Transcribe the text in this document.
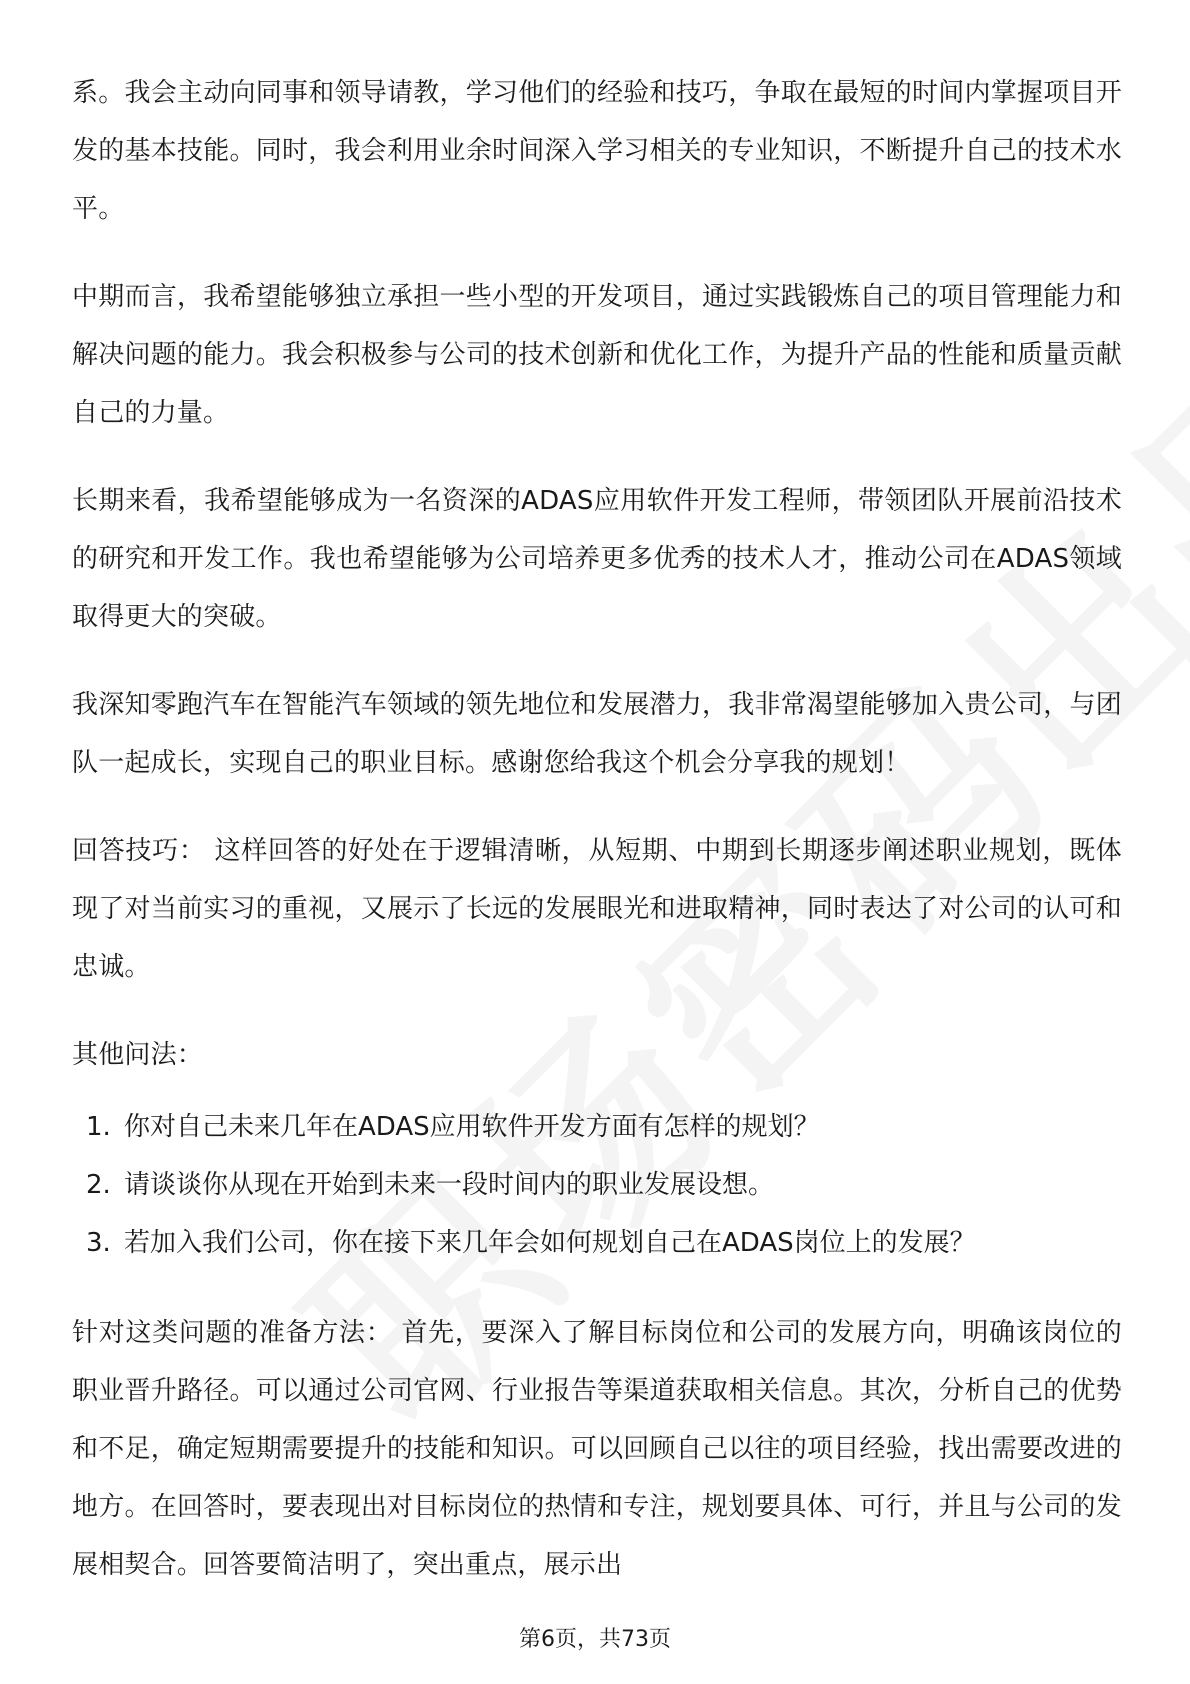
系。我会主动向同事和领导请教，学习他们的经验和技巧，争取在最短的时间内掌握项目开发的基本技能。同时，我会利用业余时间深入学习相关的专业知识，不断提升自己的技术水平。

中期而言，我希望能够独立承担一些小型的开发项目，通过实践锻炼自己的项目管理能力和解决问题的能力。我会积极参与公司的技术创新和优化工作，为提升产品的性能和质量贡献自己的力量。

长期来看，我希望能够成为一名资深的ADAS应用软件开发工程师，带领团队开展前沿技术的研究和开发工作。我也希望能够为公司培养更多优秀的技术人才，推动公司在ADAS领域取得更大的突破。

我深知零跑汽车在智能汽车领域的领先地位和发展潜力，我非常渴望能够加入贵公司，与团队一起成长，实现自己的职业目标。感谢您给我这个机会分享我的规划！

回答技巧： 这样回答的好处在于逻辑清晰，从短期、中期到长期逐步阐述职业规划，既体现了对当前实习的重视，又展示了长远的发展眼光和进取精神，同时表达了对公司的认可和忠诚。

其他问法：

1. 你对自己未来几年在ADAS应用软件开发方面有怎样的规划？
2. 请谈谈你从现在开始到未来一段时间内的职业发展设想。
3. 若加入我们公司，你在接下来几年会如何规划自己在ADAS岗位上的发展？

针对这类问题的准备方法： 首先，要深入了解目标岗位和公司的发展方向，明确该岗位的职业晋升路径。可以通过公司官网、行业报告等渠道获取相关信息。其次，分析自己的优势和不足，确定短期需要提升的技能和知识。可以回顾自己以往的项目经验，找出需要改进的地方。在回答时，要表现出对目标岗位的热情和专注，规划要具体、可行，并且与公司的发展相契合。回答要简洁明了，突出重点，展示出

第6页，共73页
